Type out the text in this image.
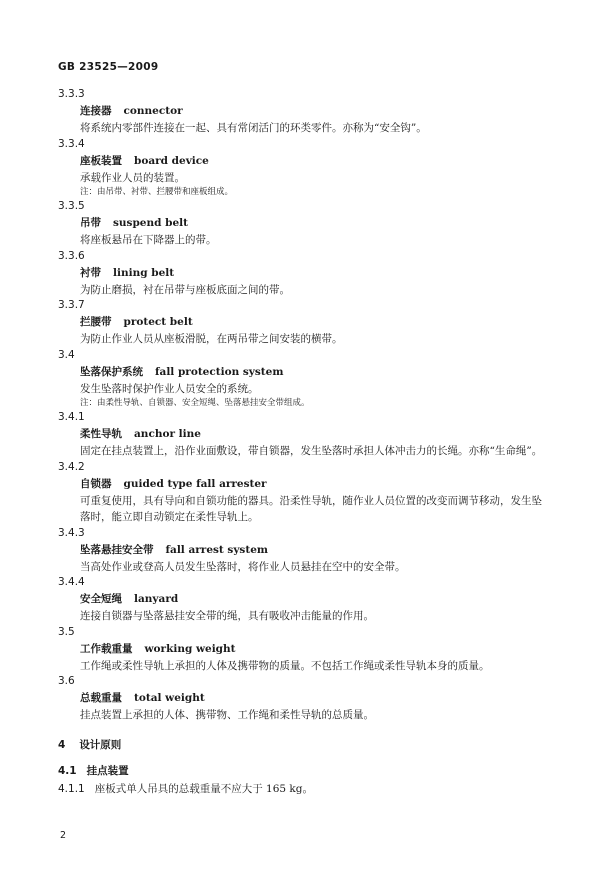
GB 23525—2009
3.3.3
连接器 connector
将系统内零部件连接在一起、具有常闭活门的环类零件。亦称为“安全钩”。
3.3.4
座板装置 board device
承载作业人员的装置。
注：由吊带、衬带、拦腰带和座板组成。
3.3.5
吊带 suspend belt
将座板悬吊在下降器上的带。
3.3.6
衬带 lining belt
为防止磨损，衬在吊带与座板底面之间的带。
3.3.7
拦腰带 protect belt
为防止作业人员从座板滑脱，在两吊带之间安装的横带。
3.4
坠落保护系统 fall protection system
发生坠落时保护作业人员安全的系统。
注：由柔性导轨、自锁器、安全短绳、坠落悬挂安全带组成。
3.4.1
柔性导轨 anchor line
固定在挂点装置上，沿作业面敷设，带自锁器，发生坠落时承担人体冲击力的长绳。亦称“生命绳”。
3.4.2
自锁器 guided type fall arrester
可重复使用，具有导向和自锁功能的器具。沿柔性导轨，随作业人员位置的改变而调节移动，发生坠落时，能立即自动锁定在柔性导轨上。
3.4.3
坠落悬挂安全带 fall arrest system
当高处作业或登高人员发生坠落时，将作业人员悬挂在空中的安全带。
3.4.4
安全短绳 lanyard
连接自锁器与坠落悬挂安全带的绳，具有吸收冲击能量的作用。
3.5
工作载重量 working weight
工作绳或柔性导轨上承担的人体及携带物的质量。不包括工作绳或柔性导轨本身的质量。
3.6
总载重量 total weight
挂点装置上承担的人体、携带物、工作绳和柔性导轨的总质量。
4 设计原则
4.1 挂点装置
4.1.1 座板式单人吊具的总载重量不应大于 165 kg。
2
